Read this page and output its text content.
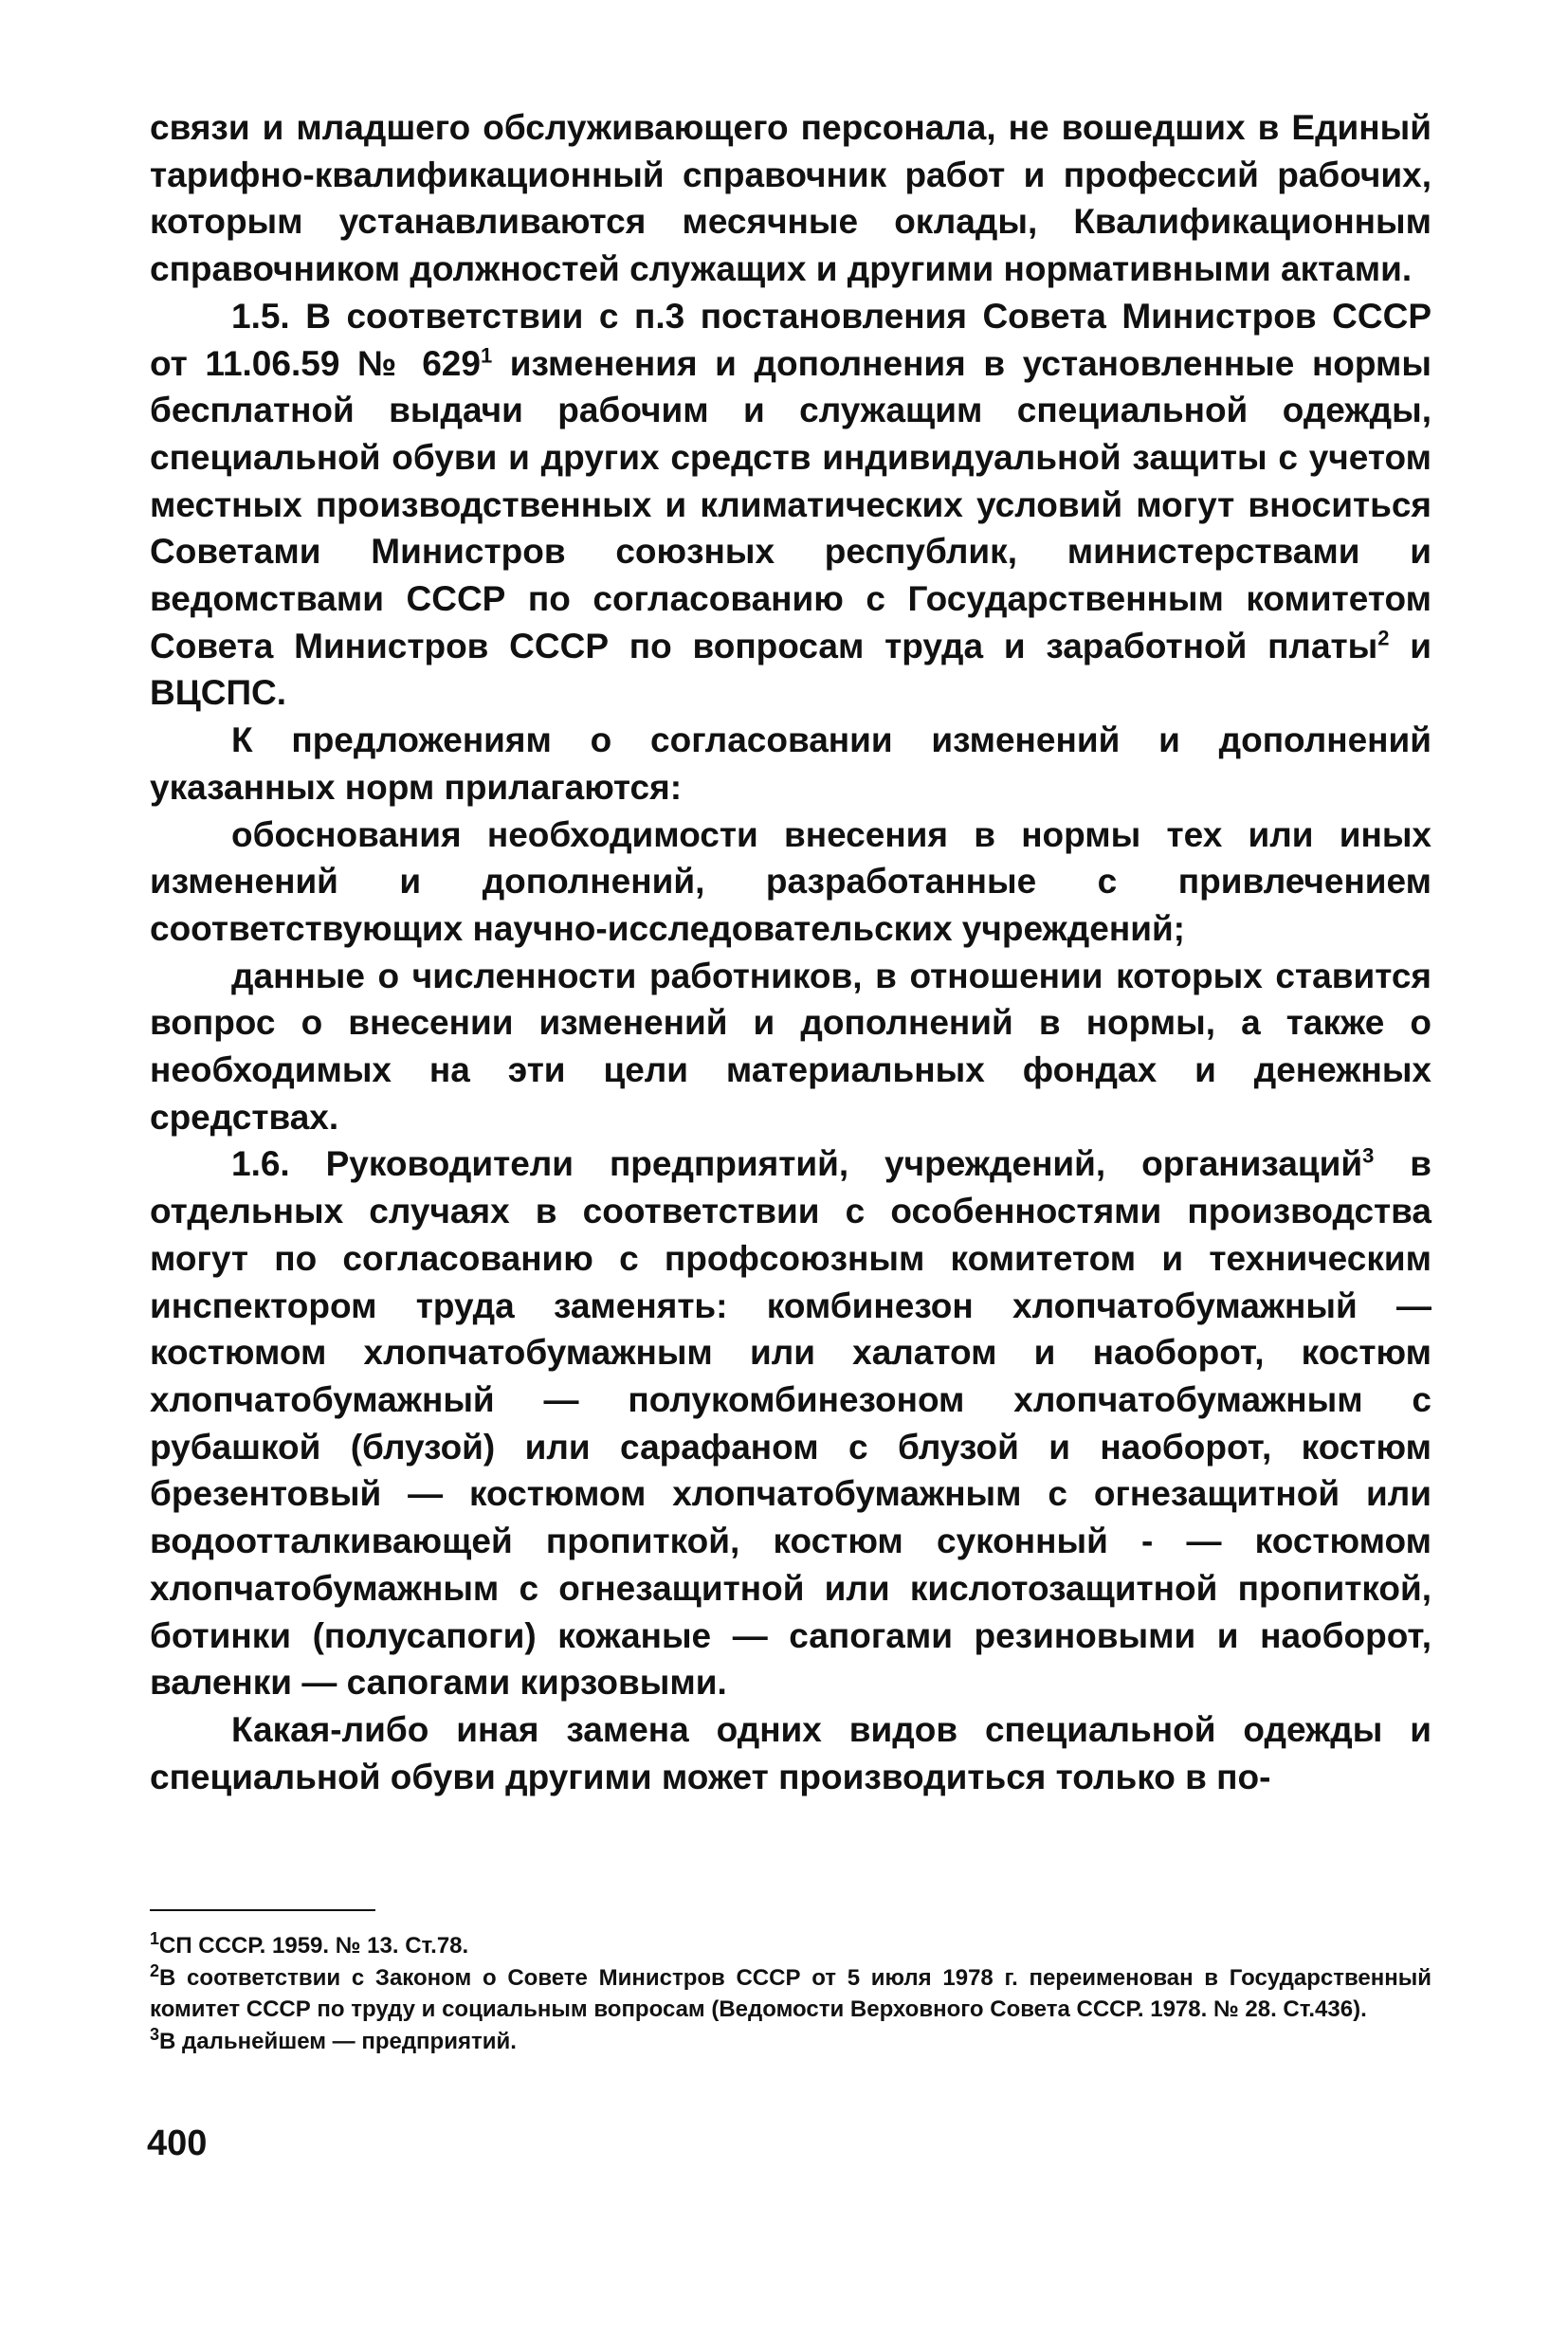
связи и младшего обслуживающего персонала, не вошедших в Единый тарифно-квалификационный справочник работ и профессий рабочих, которым устанавливаются месячные оклады, Квалификационным справочником должностей служащих и другими нормативными актами.

1.5. В соответствии с п.3 постановления Совета Министров СССР от 11.06.59 № $629^1$ изменения и дополнения в установленные нормы бесплатной выдачи рабочим и служащим специальной одежды, специальной обуви и других средств индивидуальной защиты с учетом местных производственных и климатических условий могут вноситься Советами Министров союзных республик, министерствами и ведомствами СССР по согласованию с Государственным комитетом Совета Министров СССР по вопросам труда и заработной платы$^2$ и ВЦСПС.

К предложениям о согласовании изменений и дополнений указанных норм прилагаются:

обоснования необходимости внесения в нормы тех или иных изменений и дополнений, разработанные с привлечением соответствующих научно-исследовательских учреждений;

данные о численности работников, в отношении которых ставится вопрос о внесении изменений и дополнений в нормы, а также о необходимых на эти цели материальных фондах и денежных средствах.

1.6. Руководители предприятий, учреждений, организаций$^3$ в отдельных случаях в соответствии с особенностями производства могут по согласованию с профсоюзным комитетом и техническим инспектором труда заменять: комбинезон хлопчатобумажный — костюмом хлопчатобумажным или халатом и наоборот, костюм хлопчатобумажный — полукомбинезоном хлопчатобумажным с рубашкой (блузой) или сарафаном с блузой и наоборот, костюм брезентовый — костюмом хлопчатобумажным с огнезащитной или водоотталкивающей пропиткой, костюм суконный - — костюмом хлопчатобумажным с огнезащитной или кислотозащитной пропиткой, ботинки (полусапоги) кожаные — сапогами резиновыми и наоборот, валенки — сапогами кирзовыми.

Какая-либо иная замена одних видов специальной одежды и специальной обуви другими может производиться только в по-

$^1$СП СССР. 1959. № 13. Ст.78.

$^2$В соответствии с Законом о Совете Министров СССР от 5 июля 1978 г. переименован в Государственный комитет СССР по труду и социальным вопросам (Ведомости Верховного Совета СССР. 1978. № 28. Ст.436).

$^3$В дальнейшем — предприятий.

400
